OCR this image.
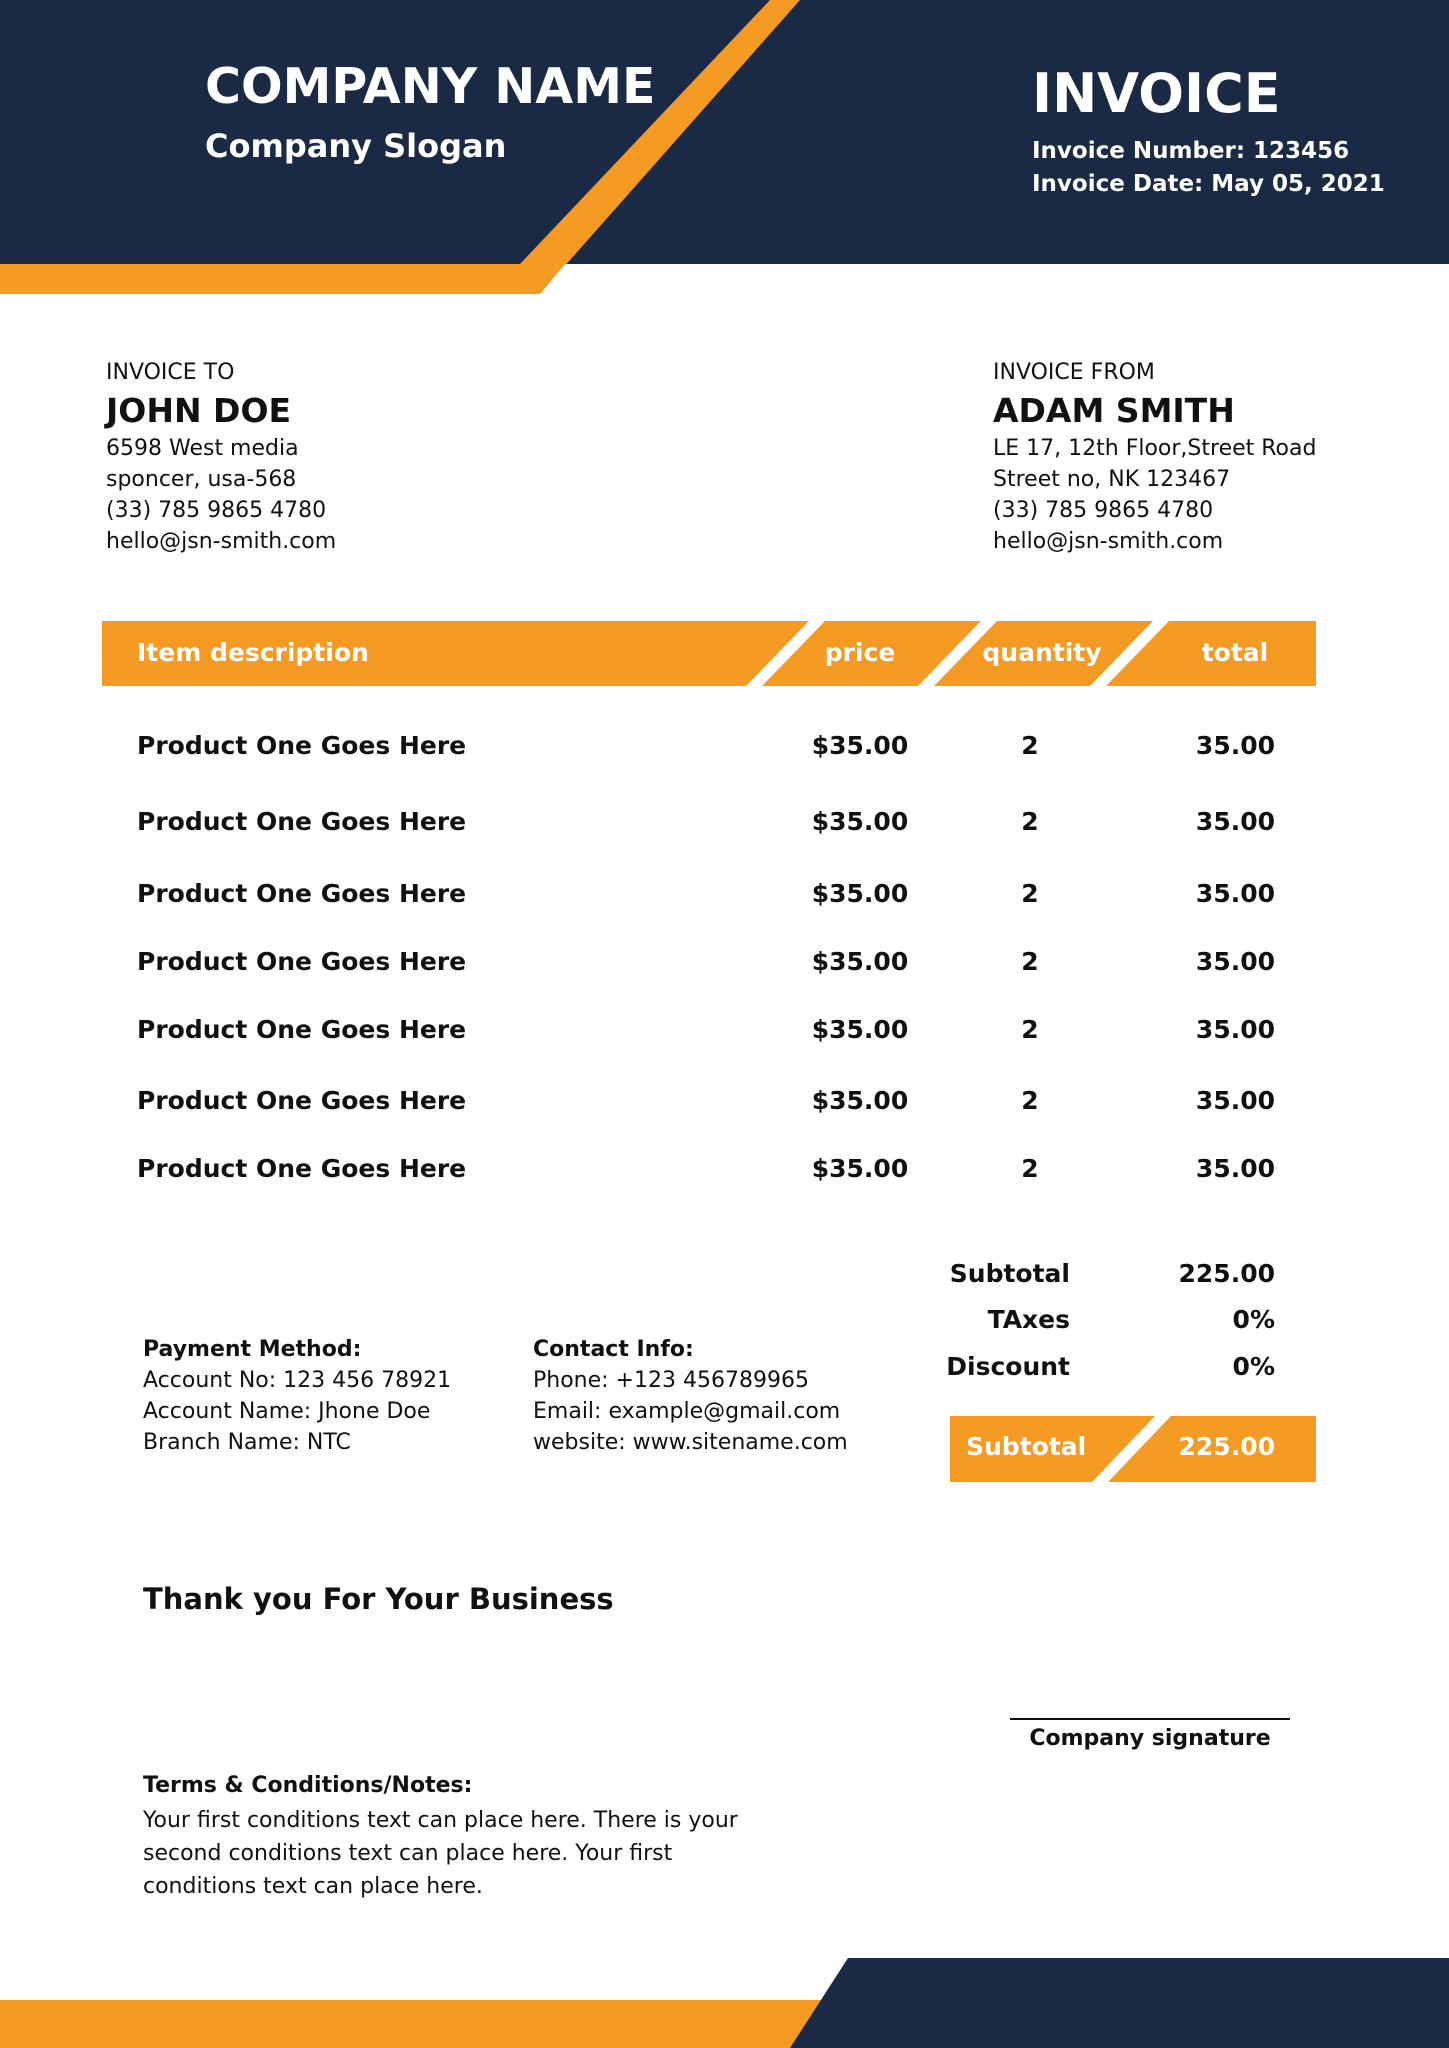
COMPANY NAME
Company Slogan
INVOICE
Invoice Number: 123456
Invoice Date: May 05, 2021
INVOICE TO
JOHN DOE
6598 West media
sponcer, usa-568
(33) 785 9865 4780
hello@jsn-smith.com
INVOICE FROM
ADAM SMITH
LE 17, 12th Floor,Street Road
Street no, NK 123467
(33) 785 9865 4780
hello@jsn-smith.com
Item description	price	quantity	total
Product One Goes Here	$35.00	2	35.00
Product One Goes Here	$35.00	2	35.00
Product One Goes Here	$35.00	2	35.00
Product One Goes Here	$35.00	2	35.00
Product One Goes Here	$35.00	2	35.00
Product One Goes Here	$35.00	2	35.00
Product One Goes Here	$35.00	2	35.00
Subtotal	225.00
TAxes	0%
Discount	0%
Subtotal	225.00
Payment Method:
Account No: 123 456 78921
Account Name: Jhone Doe
Branch Name: NTC
Contact Info:
Phone: +123 456789965
Email: example@gmail.com
website: www.sitename.com
Thank you For Your Business
Company signature
Terms & Conditions/Notes:
Your first conditions text can place here. There is your second conditions text can place here. Your first conditions text can place here.
